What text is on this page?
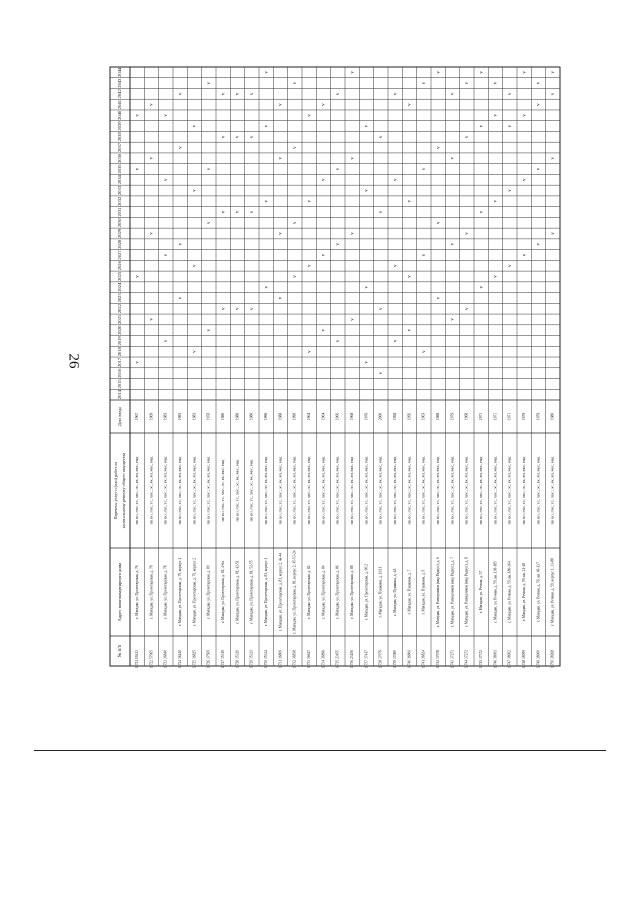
26
№ п/п
Адрес многоквартирного дома
Перечень услуг и (или) работ по капитальному ремонту общего имущества
Дата ввода
2014
2015
2016
2017
2018
2019
2020
2021
2022
2023
2024
2025
2026
2027
2028
2029
2030
2031
2032
2033
2034
2035
2036
2037
2038
2039
2040
2041
2042
2043
2044
1 721 19413
г. Магадан, ул. Пролетарская, д. 76
ПР, ВО, ГВС, ТС, ХВС, ЭС, РК, РП, РФС, РФД
1967
v
v
v
v
1 722 57965
г. Магадан, ул. Пролетарская, д. 78
ПР, ВО, ГВС, ТС, ХВС, ЭС, РК, РП, РФС, РФД
1969
v
v
v
v
1 723 36840
г. Магадан, ул. Пролетарская, д. 78
ПР, ВО, ГВС, ТС, ХВС, ЭС, РК, РП, РФС, РФД
1983
v
v
v
v
1 724 36440
г. Магадан, ул. Пролетарская, д. 79, корпус 1
ПР, ВО, ГВС, ТС, ХВС, ЭС, РК, РП, РФС, РФД
1983
v
v
v
v
1 725 36825
г. Магадан, ул. Пролетарская, д. 79, корпус 2
ПР, ВО, ГВС, ТС, ХВС, ЭС, РК, РП, РФС, РФД
1983
v
v
v
v
1 726 37569
г. Магадан, ул. Пролетарская, д. 80
ПР, ВО, ГВС, ТС, ХВС, ЭС, РК, РП, РФС, РФД
1978
v
v
v
v
1 727 35319
г. Магадан, ул. Пролетарская, д. 81, 4-6а
ПР, ВО, ГВС, ТС, ХВС, ЭС, РК, РФС, РФД
1980
v
v
v
v
1 728 35320
г. Магадан, ул. Пролетарская, д. 81, 42-51
ПР, ВО, ГВС, ТС, ХВС, ЭС, РК, РФС, РФД
1980
v
v
v
v
1 729 35321
г. Магадан, ул. Пролетарская, д. 81, 52-55
ПР, ВО, ГВС, ТС, ХВС, ЭС, РК, РФС, РФД
1980
v
v
v
v
1 730 35344
г. Магадан, ул. Пролетарская, д. 81, корпус 1
ПР, ВО, ГВС, ТС, ХВС, ЭС, РК, РП, РФС, РФД
1990
v
v
v
v
1 731 36809
г. Магадан, ул. Пролетарская, д. 81, корпус 2, 4а-44
ПР, ВО, ГВС, ТС, ХВС, ЭС, РК, РП, РФС, РФД
1988
v
v
v
v
1 732 36838
г. Магадан, ул. Пролетарская, д. 81, корпус 2, 45-53-24
ПР, ВО, ГВС, ТС, ХВС, ЭС, РК, РП, РФС, РФД
1990
v
v
v
v
1 733 36647
г. Магадан, ул. Пролетарская, д. 82
ПР, ВО, ГВС, ТС, ХВС, ЭС, РК, РП, РФС, РФД
1964
v
v
v
v
1 734 36896
г. Магадан, ул. Пролетарская, д. 84
ПР, ВО, ГВС, ТС, ХВС, ЭС, РК, РП, РФС, РФД
1964
v
v
v
v
1 735 23455
г. Магадан, ул. Пролетарская, д. 86
ПР, ВО, ГВС, ТС, ХВС, ЭС, РК, РП, РФС, РФД
1966
v
v
v
v
1 736 23456
г. Магадан, ул. Пролетарская, д. 88
ПР, ВО, ГВС, ТС, ХВС, ЭС, РК, РП, РФС, РФД
1968
v
v
v
v
1 737 37417
г. Магадан, ул. Пролетарская, д. 90/2
ПР, ВО, ГВС, ТС, ХВС, ЭС, РК, РП, РФС, РФД
1970
v
v
v
v
1 738 37079
г. Магадан, ул. Пушкина, д. 11/11
ПР, ВО, ГВС, ТС, ХВС, ЭС, РК, РП, РФС, РФД
2000
v
v
v
v
1 739 37080
г. Магадан, ул. Пушкина, д. 4А
ПР, ВО, ГВС, ТС, ХВС, ЭС, РК, РП, РФС, РФД
1958
v
v
v
v
1 740 36800
г. Магадан, ул. Пушкина, д. 7
ПР, ВО, ГВС, ТС, ХВС, ЭС, РК, РП, РФС, РФД
1956
v
v
v
v
1 741 36824
г. Магадан, ул. Пушкина, д. 9
ПР, ВО, ГВС, ТС, ХВС, ЭС, РК, РП, РФС, РФД
1963
v
v
v
v
1 742 37078
г. Магадан, ул. Разведчиков (мкр Радиус), д. 6
ПР, ВО, ГВС, ТС, ХВС, ЭС, РК, РП, РФС, РФД
1988
v
v
v
v
1 743 37273
г. Магадан, ул. Разведчиков (мкр Радиус), д. 7
ПР, ВО, ГВС, ТС, ХВС, ЭС, РК, РП, РФС, РФД
1979
v
v
v
v
1 744 37272
г. Магадан, ул. Разведчиков (мкр Радиус), д. 8
ПР, ВО, ГВС, ТС, ХВС, ЭС, РК, РП, РФС, РФД
1968
v
v
v
v
1 745 37372
г. Магадан, ул. Речная, д. 57
ПР, ВО, ГВС, ТС, ХВС, ЭС, РК, РП, РФС, РФД
1971
v
v
v
v
1 746 38001
г. Магадан, ул. Речная, д. 59, кв. 138-185
ПР, ВО, ГВС, ТС, ХВС, ЭС, РК, РП, РФС, РФД
1971
v
v
v
v
1 747 38002
г. Магадан, ул. Речная, д. 59, кв. 186-364
ПР, ВО, ГВС, ТС, ХВС, ЭС, РК, РП, РФС, РФД
1971
v
v
v
v
1 748 38099
г. Магадан, ул. Речная, д. 59, кв. 21-48
ПР, ВО, ГВС, ТС, ХВС, ЭС, РК, РП, РФС, РФД
1979
v
v
v
v
1 749 38000
г. Магадан, ул. Речная, д. 59, кв. 49-137
ПР, ВО, ГВС, ТС, ХВС, ЭС, РК, РП, РФС, РФД
1979
v
v
v
v
1 750 38268
г. Магадан, ул. Речная, д. 59, корпус 1, 33-88
ПР, ВО, ГВС, ТС, ХВС, ЭС, РК, РП, РФС, РФД
1980
v
v
v
v
